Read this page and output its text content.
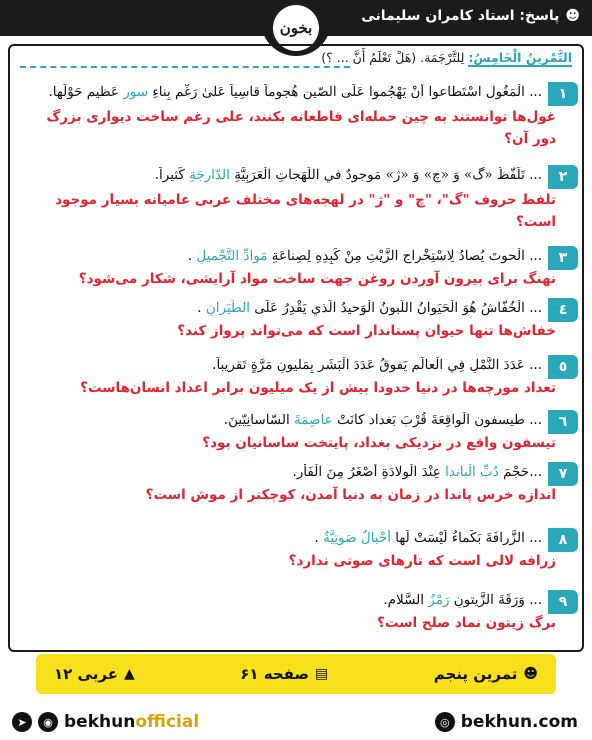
☻
پاسخ: استاد کامران سلیمانی
بخون
التَّمْرِينُ الْخَامِسُ: لِلتَّرْجَمَة. (هَلْ تَعْلَمُ أَنَّ ... ؟)
١
... الْمَغُول اسْتَطاعوا أَنْ يَهْجُموا عَلَى الصّينِ هُجوماً قاسِياً عَلىٰ رَغْمِ بِناءِ سورٍ عَظيمٍ حَوْلَها.
غول‌ها توانستند به چین حمله‌ای قاطعانه بکنند، علی رغم ساخت دیواری بزرگ دور آن؟
٢
... تَلَفُّظُ «گ» وَ «چ» وَ «ژ» مَوجودٌ في اللَّهَجاتِ الْعَرَبِيَّةِ الدّارِجَةِ كَثيراً.
تلفظ حروف "گ"، "چ" و "ژ" در لهجه‌های مختلف عربی عامیانه بسیار موجود است؟
٣
... الْحوتَ يُصادُ لِاسْتِخْراجِ الزَّيْتِ مِنْ كَبِدِهِ لِصِناعَةِ مَوادِّ التَّجْميلِ .
نهنگ برای بیرون آوردن روغن جهت ساخت مواد آرایشی، شکار می‌شود؟
٤
... الْخُفّاشُ هُوَ الْحَيَوانُ اللَّبونُ الْوَحيدُ الَّذي يَقْدِرُ عَلَى الطَّيَرانِ .
خفاش‌ها تنها حیوان پستاندار است که می‌تواند پرواز کند؟
٥
... عَدَدَ النَّمْلِ فِي الْعالَمِ يَفوقُ عَدَدَ الْبَشَرِ بِمَليونِ مَرَّةٍ تَقريباً.
تعداد مورچه‌ها در دنیا حدودا بیش از یک میلیون برابر اعداد انسان‌هاست؟
٦
... طيسفون الْواقِعَةَ قُرْبَ بَغداد كانَتْ عاصِمَةَ السّاسانِيّينَ.
تیسفون واقع در نزدیکی بغداد، پایتخت ساسانیان بود؟
٧
...حَجْمَ دُبِّ الْباندا عِنْدَ الْوِلادَةِ أَصْغَرُ مِنَ الْفَأرِ.
اندازه خرس پاندا در زمان به دنیا آمدن، کوچکتر از موش است؟
٨
... الزَّرافَةَ بَكْماءُ لَيْسَتْ لَها أَحْبالٌ صَوتِيَّةٌ .
زرافه لالی است که تارهای صوتی ندارد؟
٩
... وَرَقَةَ الزَّيتونِ رَمْزُ السَّلامِ.
برگ زیتون نماد صلح است؟
☻
تمرین پنجم
▤
صفحه ۶۱
▲
عربی ۱۲
➤	◉ bekhunofficial	◎ bekhun.com
